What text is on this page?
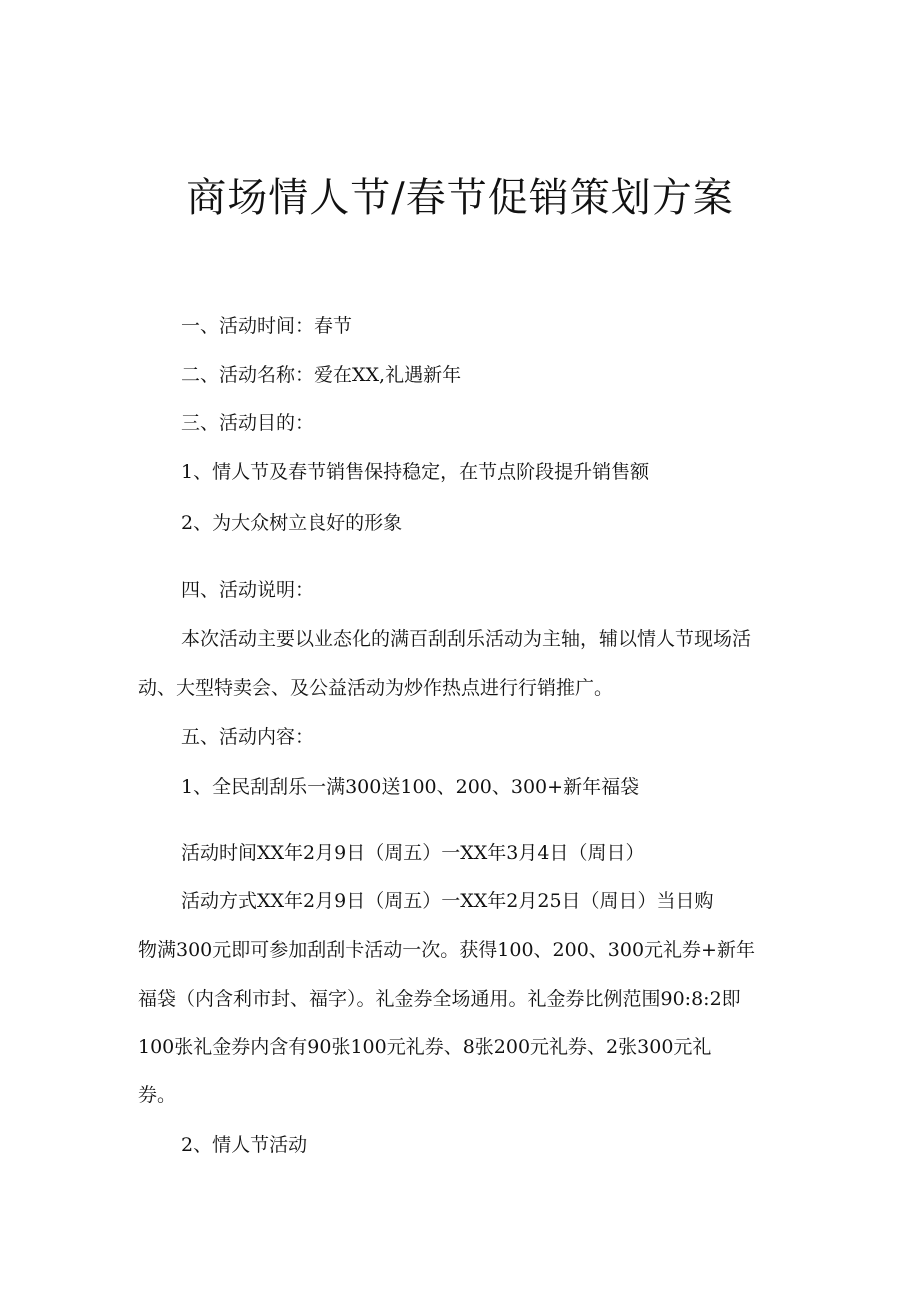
商场情人节/春节促销策划方案

一、活动时间：春节

二、活动名称：爱在XX,礼遇新年

三、活动目的：

1、情人节及春节销售保持稳定，在节点阶段提升销售额

2、为大众树立良好的形象

四、活动说明：

本次活动主要以业态化的满百刮刮乐活动为主轴，辅以情人节现场活

动、大型特卖会、及公益活动为炒作热点进行行销推广。

五、活动内容：

1、全民刮刮乐一满300送100、200、300+新年福袋

活动时间XX年2月9日（周五）一XX年3月4日（周日）

活动方式XX年2月9日（周五）一XX年2月25日（周日）当日购

物满300元即可参加刮刮卡活动一次。获得100、200、300元礼券+新年

福袋（内含利市封、福字）。礼金券全场通用。礼金券比例范围90:8:2即

100张礼金券内含有90张100元礼券、8张200元礼券、2张300元礼

券。

2、情人节活动
